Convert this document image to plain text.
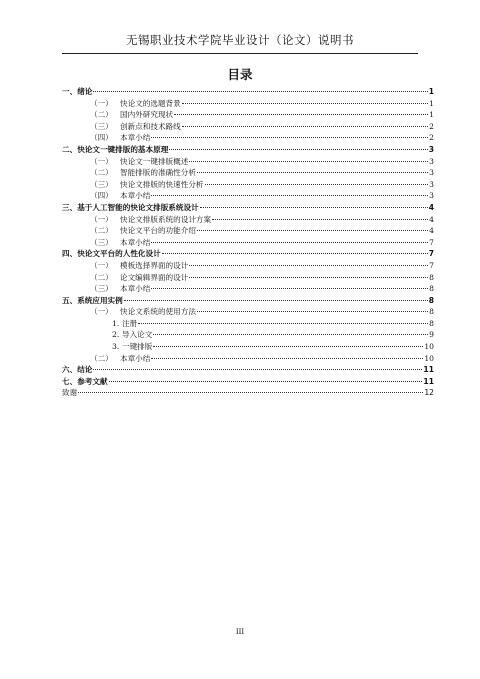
无锡职业技术学院毕业设计（论文）说明书
目录
一、 绪论	1
（一） 快论文的选题背景	1
（二） 国内外研究现状	1
（三） 创新点和技术路线	2
（四） 本章小结	2
二、 快论文一键排版的基本原理	3
（一） 快论文一键排版概述	3
（二） 智能排版的准确性分析	3
（三） 快论文排版的快速性分析	3
（四） 本章小结	3
三、 基于人工智能的快论文排版系统设计	4
（一） 快论文排版系统的设计方案	4
（二） 快论文平台的功能介绍	4
（三） 本章小结	7
四、 快论文平台的人性化设计	7
（一） 模板选择界面的设计	7
（二） 论文编辑界面的设计	8
（三） 本章小结	8
五、 系统应用实例	8
（一） 快论文系统的使用方法	8
1. 注册	8
2. 导入论文	9
3. 一键排版	10
（二） 本章小结	10
六、 结论	11
七、 参考文献	11
致谢	12
III
